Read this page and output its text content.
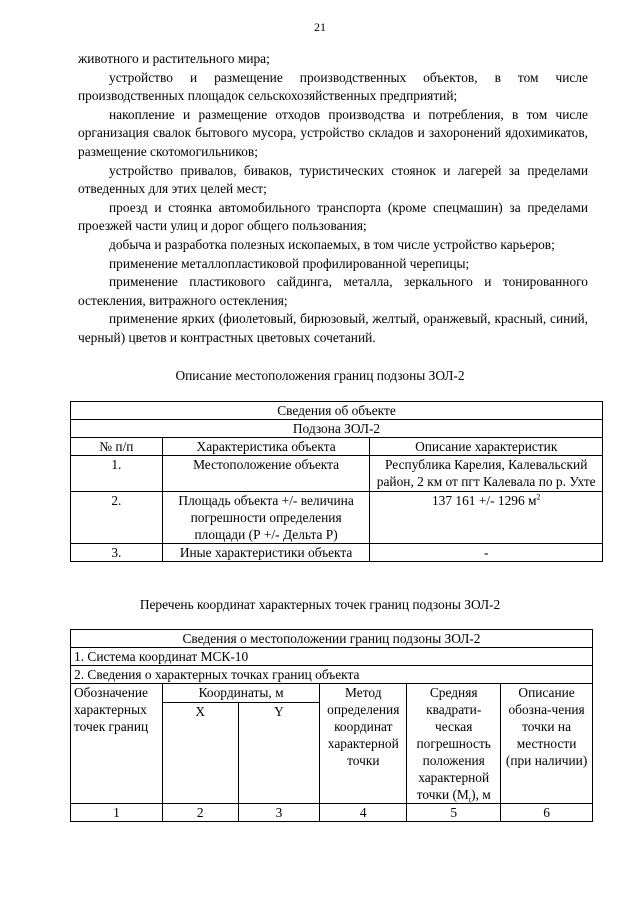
21

животного и растительного мира;

устройство и размещение производственных объектов, в том числе производственных площадок сельскохозяйственных предприятий;

накопление и размещение отходов производства и потребления, в том числе организация свалок бытового мусора, устройство складов и захоронений ядохимикатов, размещение скотомогильников;

устройство привалов, биваков, туристических стоянок и лагерей за пределами отведенных для этих целей мест;

проезд и стоянка автомобильного транспорта (кроме спецмашин) за пределами проезжей части улиц и дорог общего пользования;

добыча и разработка полезных ископаемых, в том числе устройство карьеров;

применение металлопластиковой профилированной черепицы;

применение пластикового сайдинга, металла, зеркального и тонированного остекления, витражного остекления;

применение ярких (фиолетовый, бирюзовый, желтый, оранжевый, красный, синий, черный) цветов и контрастных цветовых сочетаний.

Описание местоположения границ подзоны ЗОЛ-2
Сведения об объекте		
Подзона ЗОЛ-2		
№ п/п	Характеристика объекта	Описание характеристик
1.	Местоположение объекта	Республика Карелия, Калевальский район, 2 км от пгт Калевала по р. Ухте
2.	Площадь объекта +/- величина погрешности определения площади (Р +/- Дельта Р)	137 161 +/- 1296 $м^2$
3.	Иные характеристики объекта	-
Перечень координат характерных точек границ подзоны ЗОЛ-2
Сведения о местоположении границ подзоны ЗОЛ-2					
1. Система координат МСК-10					
2. Сведения о характерных точках границ объекта					
Обозначение характерных точек границ	Координаты, м		Метод определения координат характерной точки	Средняя квадрати-ческая погрешность положения характерной точки $(M_t)$, м	Описание обозна-чения точки на местности (при наличии)
	X	Y			
1	2	3	4	5	6
